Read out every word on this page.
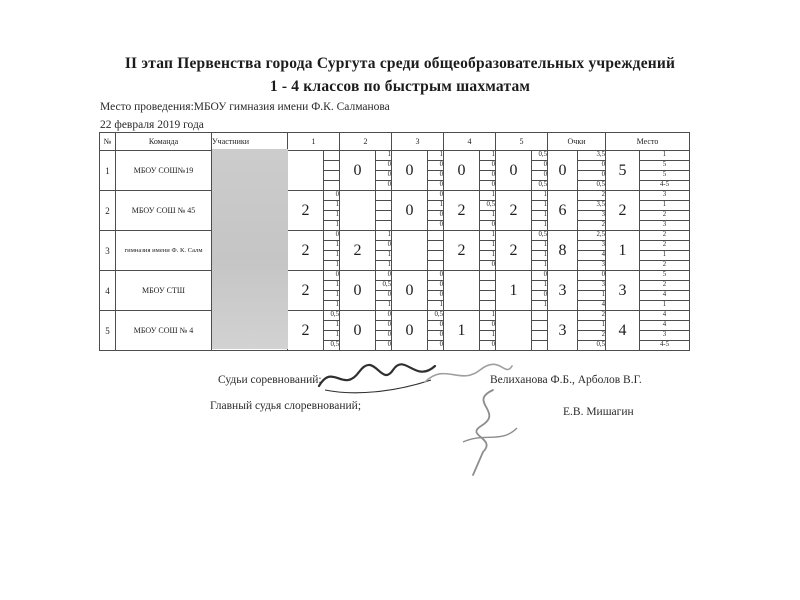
II этап Первенства города Сургута среди общеобразовательных учреждений
1 - 4 классов по быстрым шахматам
Место проведения:МБОУ гимназия имени Ф.К. Салманова
22 февраля 2019 года
№	Команда	Участники	1		2		3		4		5		Очки		Место	
1	МБОУ СОШ№19				0	1	0	1	0	1	0	0,5	0	3,5	5	1
						0		0		0		0		0		5
						0		0		0		0		0		5
						0		0		0		0,5		0,5		4-5
2	МБОУ СОШ № 45		2	0			0	0	2	1	2	1	6	2	2	3
				1				1		0,5		1		3,5		1
				1				0		1		1		3		2
				1				0		0		1		2		3
3	гимназия имени Ф. К. Салм		2	0	2	1			2	1	2	0,5	8	2,5	1	2
				1		0				1		1		3		2
				1		1				1		1		4		1
				1		1				0		1		3		2
4	МБОУ СТШ		2	0	0	0	0	0			1	0	3	0	3	5
				1		0,5		0				1		3		2
				1		0		0				0		1		4
				1		1		1				1		4		1
5	МБОУ СОШ № 4		2	0,5	0	0	0	0,5	1	1			3	2	4	4
				1		0		0		0				1		4
				1		0		0		1				2		3
				0,5		0		0		0				0,5		4-5
Судьи соревнований:	Велиханова Ф.Б., Арболов В.Г.
Главный судья слоревнований;	Е.В. Мишагин
